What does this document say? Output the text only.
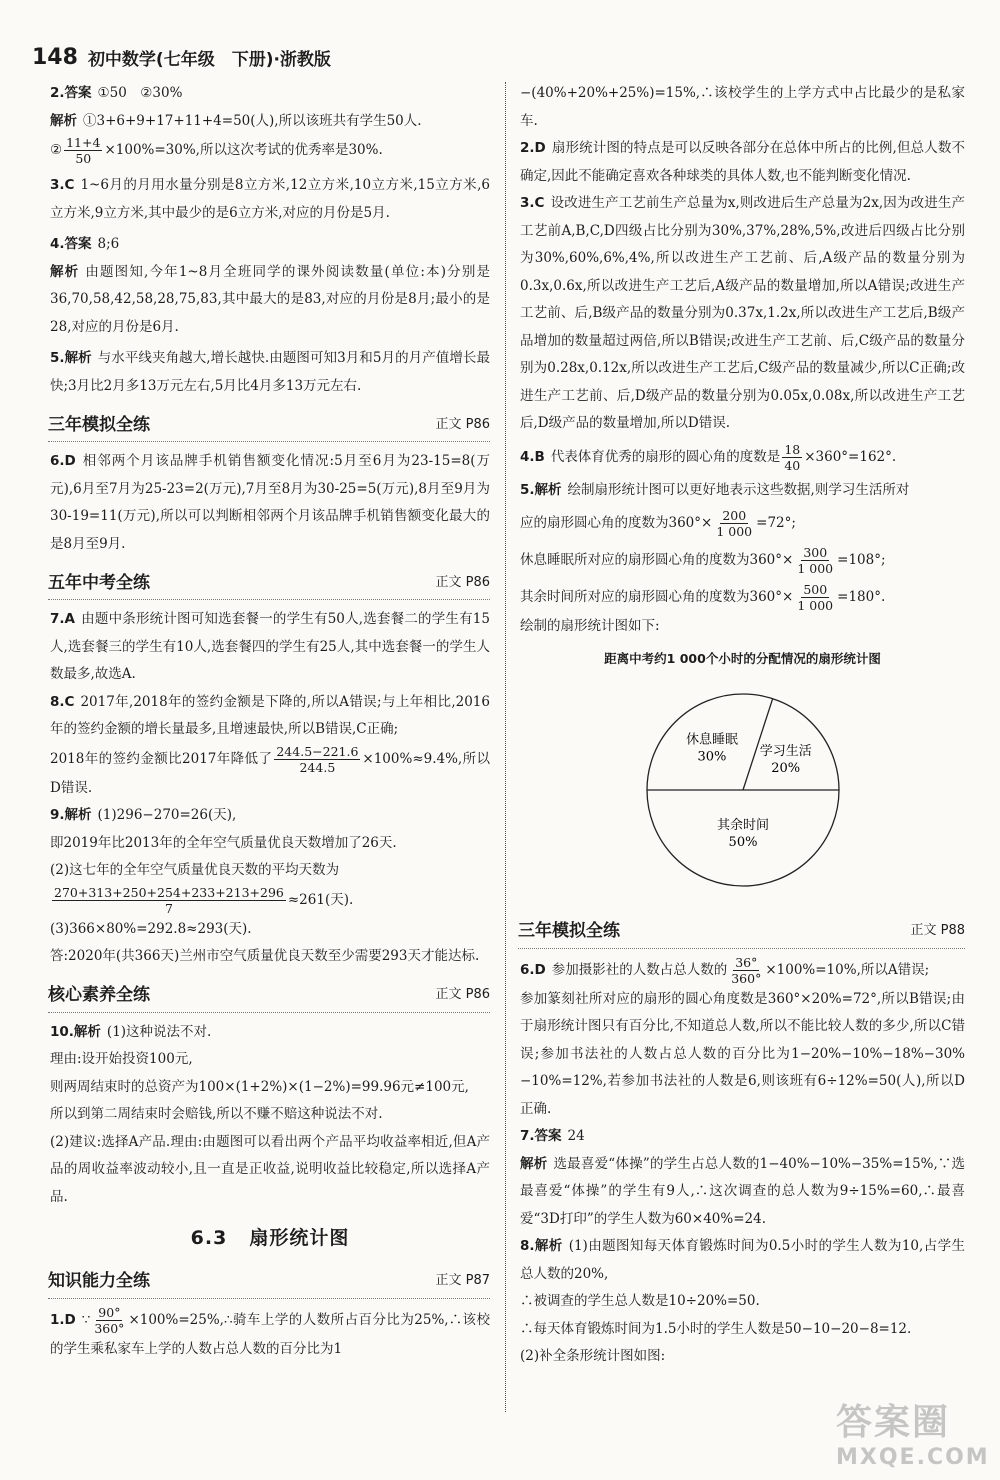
148 初中数学(七年级　下册)·浙教版
2.答案 ①50　②30%
解析 ①3+6+9+17+11+4=50(人),所以该班共有学生50人.
② $\frac{11+4}{50} \times 100\%=30\%$,所以这次考试的优秀率是30%.
3.C 1~6月的月用水量分别是8立方米,12立方米,10立方米,15立方米,6立方米,9立方米,其中最少的是6立方米,对应的月份是5月.
4.答案 8;6
解析 由题图知,今年1~8月全班同学的课外阅读数量(单位:本)分别是36,70,58,42,58,28,75,83,其中最大的是83,对应的月份是8月;最小的是28,对应的月份是6月.
5.解析 与水平线夹角越大,增长越快.由题图可知3月和5月的月产值增长最快;3月比2月多13万元左右,5月比4月多13万元左右.
三年模拟全练	正文 P86
6.D 相邻两个月该品牌手机销售额变化情况:5月至6月为23-15=8(万元),6月至7月为25-23=2(万元),7月至8月为30-25=5(万元),8月至9月为30-19=11(万元),所以可以判断相邻两个月该品牌手机销售额变化最大的是8月至9月.
五年中考全练	正文 P86
7.A 由题中条形统计图可知选套餐一的学生有50人,选套餐二的学生有15人,选套餐三的学生有10人,选套餐四的学生有25人,其中选套餐一的学生人数最多,故选A.
8.C 2017年,2018年的签约金额是下降的,所以A错误;与上年相比,2016年的签约金额的增长量最多,且增速最快,所以B错误,C正确;
2018年的签约金额比2017年降低了 $\frac{244.5-221.6}{244.5} \times 100\%\approx 9.4\%$,所以D错误.
9.解析 (1)296−270=26(天),
即2019年比2013年的全年空气质量优良天数增加了26天.
(2)这七年的全年空气质量优良天数的平均天数为
$\frac{270+313+250+254+233+213+296}{7} \approx 261$(天).
(3)366×80%=292.8≈293(天).
答:2020年(共366天)兰州市空气质量优良天数至少需要293天才能达标.
核心素养全练	正文 P86
10.解析 (1)这种说法不对.
理由:设开始投资100元,
则两周结束时的总资产为100×(1+2%)×(1−2%)=99.96元≠100元,
所以到第二周结束时会赔钱,所以不赚不赔这种说法不对.
(2)建议:选择A产品.理由:由题图可以看出两个产品平均收益率相近,但A产品的周收益率波动较小,且一直是正收益,说明收益比较稳定,所以选择A产品.
6.3 扇形统计图
知识能力全练	正文 P87
1.D ∵ $\frac{90^\circ}{360^\circ}$ ×100%=25%,∴骑车上学的人数所占百分比为25%,∴该校的学生乘私家车上学的人数占总人数的百分比为1
−(40%+20%+25%)=15%,∴该校学生的上学方式中占比最少的是私家车.
2.D 扇形统计图的特点是可以反映各部分在总体中所占的比例,但总人数不确定,因此不能确定喜欢各种球类的具体人数,也不能判断变化情况.
3.C 设改进生产工艺前生产总量为x,则改进后生产总量为2x,因为改进生产工艺前A,B,C,D四级占比分别为30%,37%,28%,5%,改进后四级占比分别为30%,60%,6%,4%,所以改进生产工艺前、后,A级产品的数量分别为0.3x,0.6x,所以改进生产工艺后,A级产品的数量增加,所以A错误;改进生产工艺前、后,B级产品的数量分别为0.37x,1.2x,所以改进生产工艺后,B级产品增加的数量超过两倍,所以B错误;改进生产工艺前、后,C级产品的数量分别为0.28x,0.12x,所以改进生产工艺后,C级产品的数量减少,所以C正确;改进生产工艺前、后,D级产品的数量分别为0.05x,0.08x,所以改进生产工艺后,D级产品的数量增加,所以D错误.
4.B 代表体育优秀的扇形的圆心角的度数是 $\frac{18}{40} \times 360^\circ=162^\circ$.
5.解析 绘制扇形统计图可以更好地表示这些数据,则学习生活所对
应的扇形圆心角的度数为$360^\circ\times \frac{200}{1 000} =72^\circ$;
休息睡眠所对应的扇形圆心角的度数为$360^\circ\times \frac{300}{1 000} =108^\circ$;
其余时间所对应的扇形圆心角的度数为$360^\circ\times \frac{500}{1 000} =180^\circ$.
绘制的扇形统计图如下:
距离中考约1 000个小时的分配情况的扇形统计图
休息睡眠
30%	学习生活
20%
其余时间
50%
三年模拟全练	正文 P88
6.D 参加摄影社的人数占总人数的 $\frac{36^\circ}{360^\circ} \times 100\%=10\%$,所以A错误;
参加篆刻社所对应的扇形的圆心角度数是360°×20%=72°,所以B错误;由于扇形统计图只有百分比,不知道总人数,所以不能比较人数的多少,所以C错误;参加书法社的人数占总人数的百分比为1−20%−10%−18%−30%−10%=12%,若参加书法社的人数是6,则该班有6÷12%=50(人),所以D正确.
7.答案 24
解析 选最喜爱“体操”的学生占总人数的1−40%−10%−35%=15%,∵选最喜爱“体操”的学生有9人,∴这次调查的总人数为9÷15%=60,∴最喜爱“3D打印”的学生人数为60×40%=24.
8.解析 (1)由题图知每天体育锻炼时间为0.5小时的学生人数为10,占学生总人数的20%,
∴被调查的学生总人数是10÷20%=50.
∴每天体育锻炼时间为1.5小时的学生人数是50−10−20−8=12.
(2)补全条形统计图如图:
答案圈
MXQE.COM
